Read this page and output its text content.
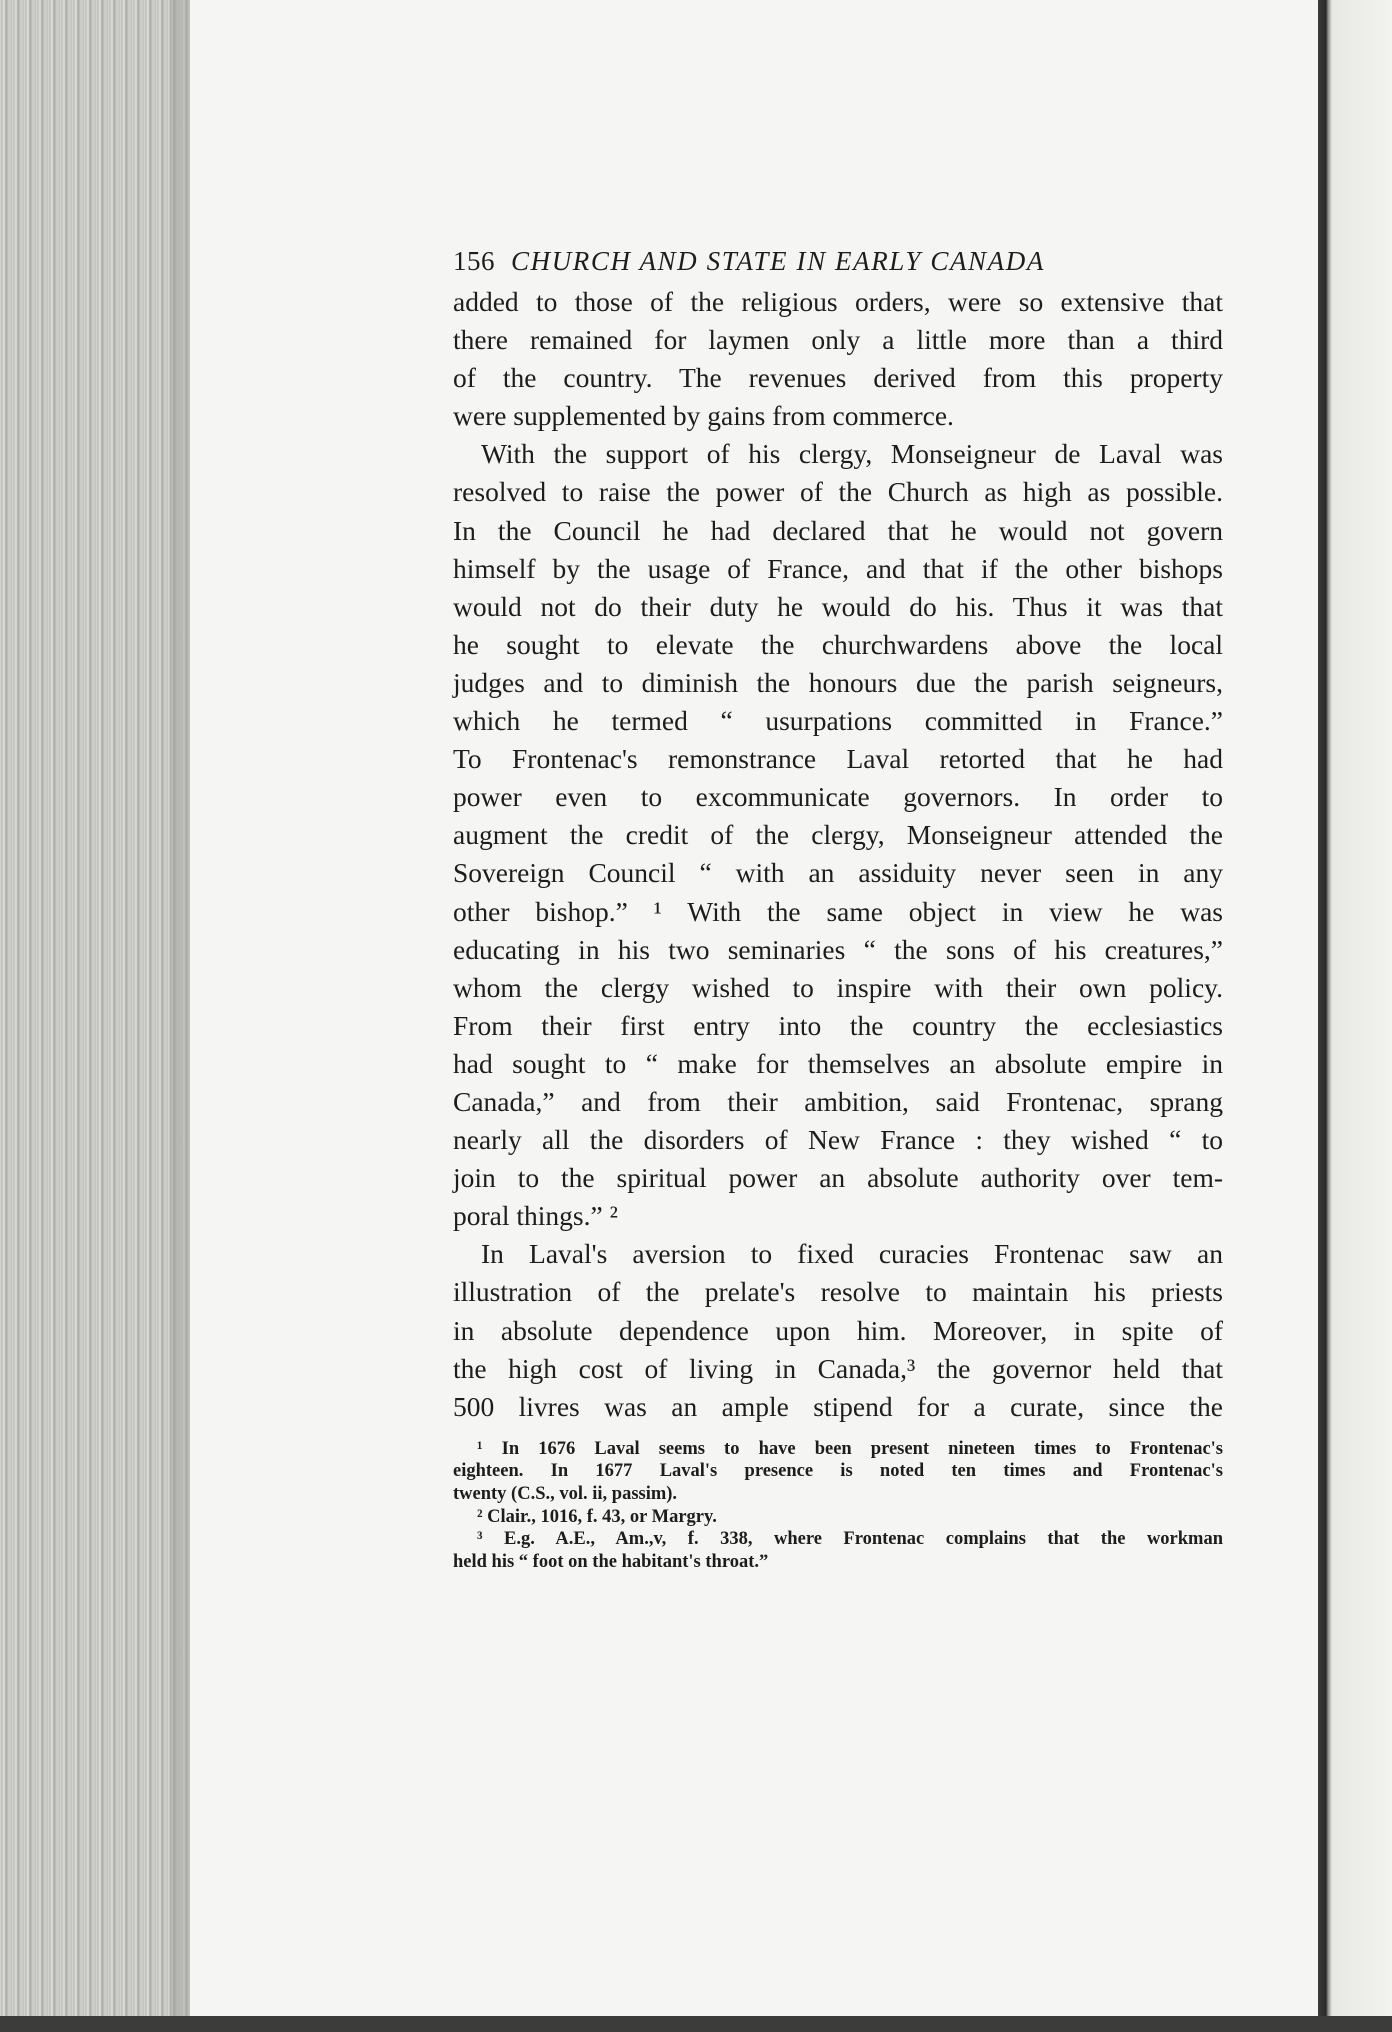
156 CHURCH AND STATE IN EARLY CANADA
added to those of the religious orders, were so extensive that
there remained for laymen only a little more than a third
of the country. The revenues derived from this property
were supplemented by gains from commerce.
With the support of his clergy, Monseigneur de Laval was
resolved to raise the power of the Church as high as possible.
In the Council he had declared that he would not govern
himself by the usage of France, and that if the other bishops
would not do their duty he would do his. Thus it was that
he sought to elevate the churchwardens above the local
judges and to diminish the honours due the parish seigneurs,
which he termed “ usurpations committed in France.”
To Frontenac's remonstrance Laval retorted that he had
power even to excommunicate governors. In order to
augment the credit of the clergy, Monseigneur attended the
Sovereign Council “ with an assiduity never seen in any
other bishop.” ¹ With the same object in view he was
educating in his two seminaries “ the sons of his creatures,”
whom the clergy wished to inspire with their own policy.
From their first entry into the country the ecclesiastics
had sought to “ make for themselves an absolute empire in
Canada,” and from their ambition, said Frontenac, sprang
nearly all the disorders of New France : they wished “ to
join to the spiritual power an absolute authority over tem-
poral things.” ²
In Laval's aversion to fixed curacies Frontenac saw an
illustration of the prelate's resolve to maintain his priests
in absolute dependence upon him. Moreover, in spite of
the high cost of living in Canada,³ the governor held that
500 livres was an ample stipend for a curate, since the
¹ In 1676 Laval seems to have been present nineteen times to Frontenac's
eighteen. In 1677 Laval's presence is noted ten times and Frontenac's
twenty (C.S., vol. ii, passim).
² Clair., 1016, f. 43, or Margry.
³ E.g. A.E., Am.,v, f. 338, where Frontenac complains that the workman
held his “ foot on the habitant's throat.”
